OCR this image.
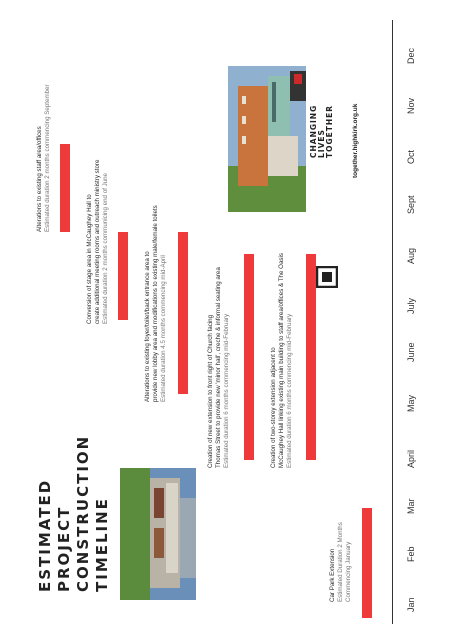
ESTIMATED PROJECT CONSTRUCTION TIMELINE
CHANGING LIVES TOGETHER	together.highkirk.org.uk
Car Park Extension Estimated Duration 2 Months Commencing January
Creation of two-storey extension adjacent to McCaughey Hall linking existing main building to staff area/offices & The Oasis Estimated duration 6 months commencing mid-February
Creation of new extension to front right of Church facing Thomas Street to provide new 'minor hall', creche & informal seating area Estimated duration 6 months commencing mid-February
Alterations to existing foyer/toilet/back entrance area to provide new lobby area and modifications to existing male/female toilets Estimated duration 4.5 months commencing mid-April
Conversion of stage area in McCaughey Hall to create additional meeting rooms and outreach ministry store Estimated duration 2 months communicing end of June
Alterations to existing staff area/offices Estimated duration 2 months commencing September
Jan
Feb
Mar
April
May
June
July
Aug
Sept
Oct
Nov
Dec
